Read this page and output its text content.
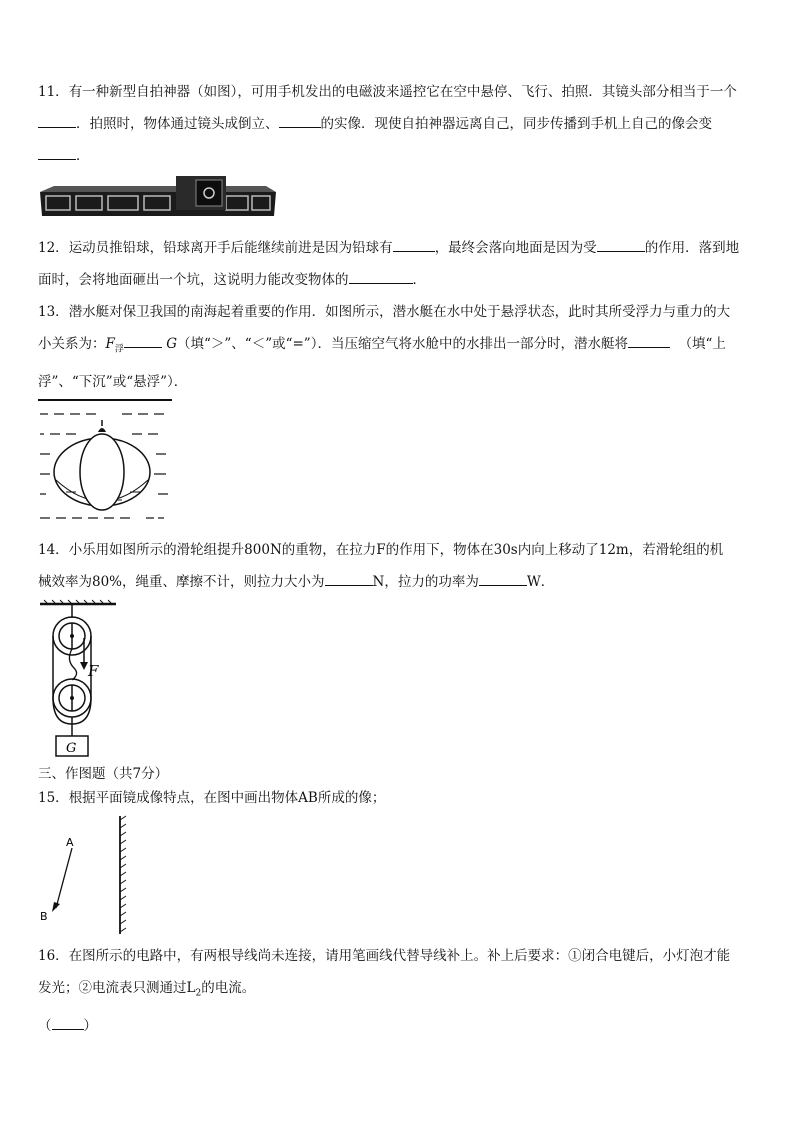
11．有一种新型自拍神器（如图），可用手机发出的电磁波来遥控它在空中悬停、飞行、拍照．其镜头部分相当于一个

．拍照时，物体通过镜头成倒立、	的实像．现使自拍神器远离自己，同步传播到手机上自己的像会变

．

12．运动员推铅球，铅球离开手后能继续前进是因为铅球有	，最终会落向地面是因为受	的作用．落到地

面时，会将地面砸出一个坑，这说明力能改变物体的	．

13．潜水艇对保卫我国的南海起着重要的作用．如图所示，潜水艇在水中处于悬浮状态，此时其所受浮力与重力的大

小关系为：$F_浮$	G（填“＞”、“＜”或“=”）．当压缩空气将水舱中的水排出一部分时，潜水艇将	（填“上

浮”、“下沉”或“悬浮”）．

14．小乐用如图所示的滑轮组提升800N的重物，在拉力F的作用下，物体在30s内向上移动了12m，若滑轮组的机

械效率为80%，绳重、摩擦不计，则拉力大小为	N，拉力的功率为	W．

F
G
三、作图题（共7分）

15．根据平面镜成像特点，在图中画出物体AB所成的像；

A
B

16．在图所示的电路中，有两根导线尚未连接，请用笔画线代替导线补上。补上后要求：①闭合电键后，小灯泡才能

发光；②电流表只测通过$L_2$的电流。

（ ）
